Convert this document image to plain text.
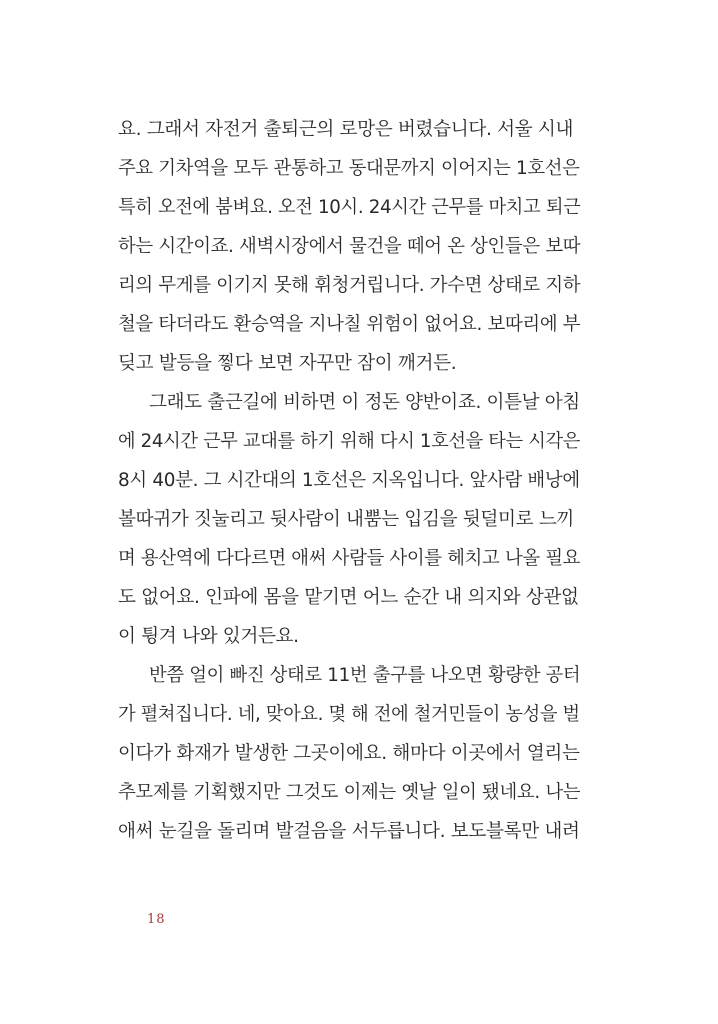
요. 그래서 자전거 출퇴근의 로망은 버렸습니다. 서울 시내
주요 기차역을 모두 관통하고 동대문까지 이어지는 1호선은
특히 오전에 붐벼요. 오전 10시. 24시간 근무를 마치고 퇴근
하는 시간이죠. 새벽시장에서 물건을 떼어 온 상인들은 보따
리의 무게를 이기지 못해 휘청거립니다. 가수면 상태로 지하
철을 타더라도 환승역을 지나칠 위험이 없어요. 보따리에 부
딪고 발등을 찧다 보면 자꾸만 잠이 깨거든.
그래도 출근길에 비하면 이 정돈 양반이죠. 이튿날 아침
에 24시간 근무 교대를 하기 위해 다시 1호선을 타는 시각은
8시 40분. 그 시간대의 1호선은 지옥입니다. 앞사람 배낭에
볼따귀가 짓눌리고 뒷사람이 내뿜는 입김을 뒷덜미로 느끼
며 용산역에 다다르면 애써 사람들 사이를 헤치고 나올 필요
도 없어요. 인파에 몸을 맡기면 어느 순간 내 의지와 상관없
이 튕겨 나와 있거든요.
반쯤 얼이 빠진 상태로 11번 출구를 나오면 황량한 공터
가 펼쳐집니다. 네, 맞아요. 몇 해 전에 철거민들이 농성을 벌
이다가 화재가 발생한 그곳이에요. 해마다 이곳에서 열리는
추모제를 기획했지만 그것도 이제는 옛날 일이 됐네요. 나는
애써 눈길을 돌리며 발걸음을 서두릅니다. 보도블록만 내려
18
